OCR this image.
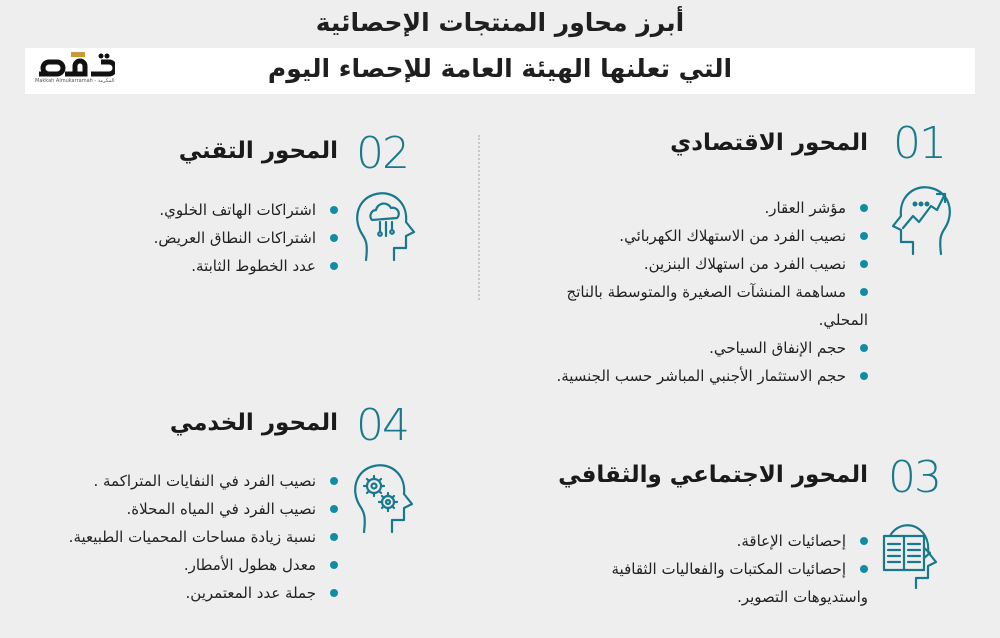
أبرز محاور المنتجات الإحصائية
التي تعلنها الهيئة العامة للإحصاء اليوم
Makkah Almukarramah - المكرمة
01
المحور الاقتصادي
مؤشر العقار.
نصيب الفرد من الاستهلاك الكهربائي.
نصيب الفرد من استهلاك البنزين.
مساهمة المنشآت الصغيرة والمتوسطة بالناتج
المحلي.
حجم الإنفاق السياحي.
حجم الاستثمار الأجنبي المباشر حسب الجنسية.
02
المحور التقني
اشتراكات الهاتف الخلوي.
اشتراكات النطاق العريض.
عدد الخطوط الثابتة.
03
المحور الاجتماعي والثقافي
إحصائيات الإعاقة.
إحصائيات المكتبات والفعاليات الثقافية
واستديوهات التصوير.
04
المحور الخدمي
نصيب الفرد في النفايات المتراكمة .
نصيب الفرد في المياه المحلاة.
نسبة زيادة مساحات المحميات الطبيعية.
معدل هطول الأمطار.
جملة عدد المعتمرين.
